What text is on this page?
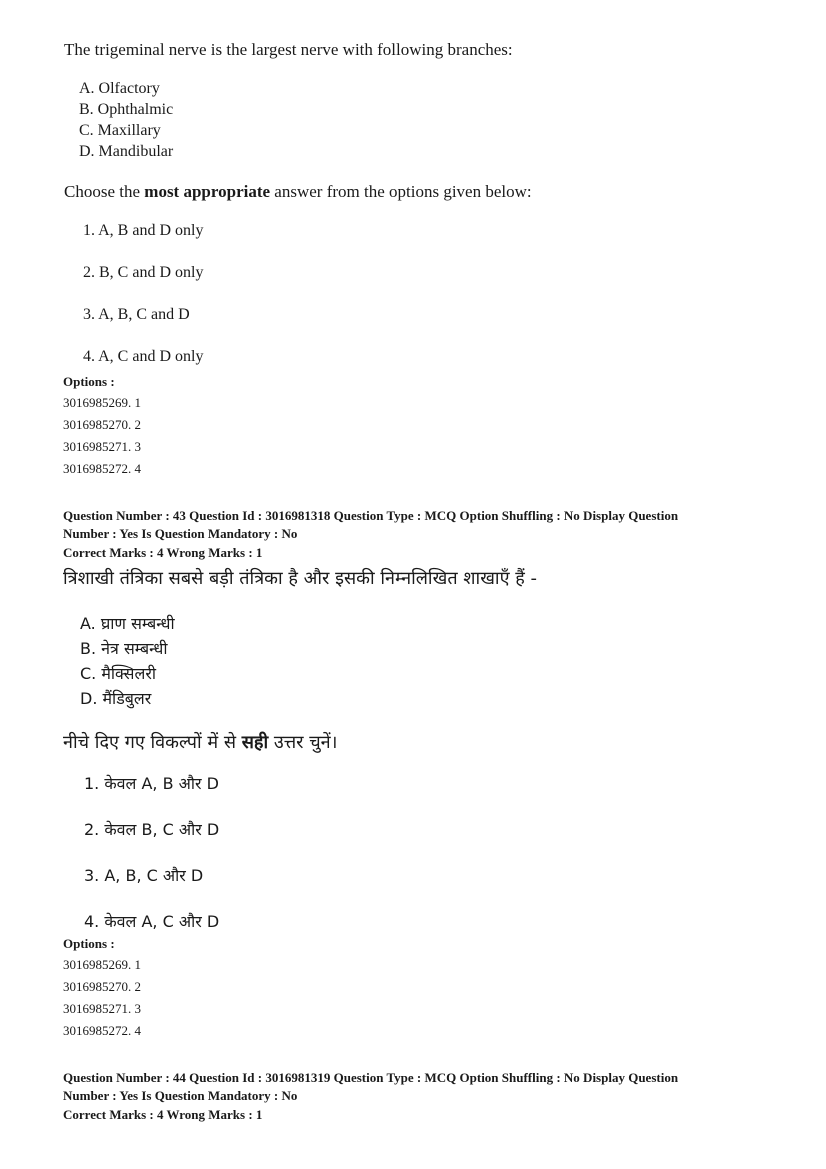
The trigeminal nerve is the largest nerve with following branches:
A. Olfactory
B. Ophthalmic
C. Maxillary
D. Mandibular
Choose the most appropriate answer from the options given below:
1. A, B and D only
2. B, C and D only
3. A, B, C and D
4. A, C and D only
Options :
3016985269. 1
3016985270. 2
3016985271. 3
3016985272. 4
Question Number : 43 Question Id : 3016981318 Question Type : MCQ Option Shuffling : No Display Question
Number : Yes Is Question Mandatory : No
Correct Marks : 4 Wrong Marks : 1
त्रिशाखी तंत्रिका सबसे बड़ी तंत्रिका है और इसकी निम्नलिखित शाखाएँ हैं -
A. घ्राण सम्बन्धी
B. नेत्र सम्बन्धी
C. मैक्सिलरी
D. मैंडिबुलर
नीचे दिए गए विकल्पों में से सही उत्तर चुनें।
1. केवल A, B और D
2. केवल B, C और D
3. A, B, C और D
4. केवल A, C और D
Options :
3016985269. 1
3016985270. 2
3016985271. 3
3016985272. 4
Question Number : 44 Question Id : 3016981319 Question Type : MCQ Option Shuffling : No Display Question
Number : Yes Is Question Mandatory : No
Correct Marks : 4 Wrong Marks : 1
